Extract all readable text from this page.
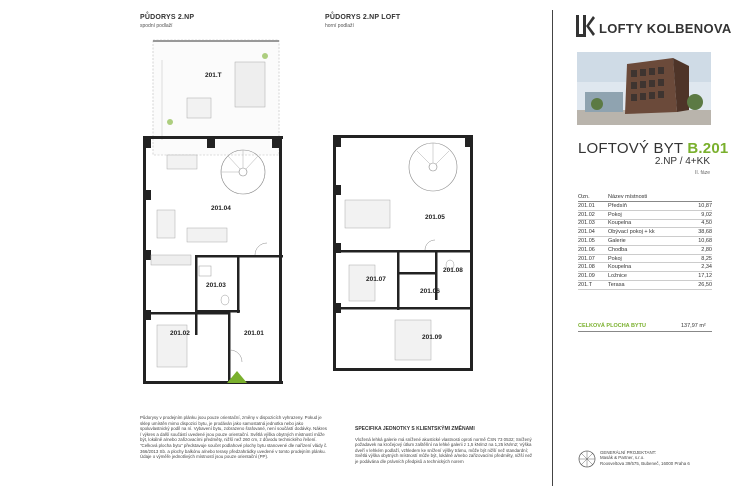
PŮDORYS 2.NP
spodní podlaží
201.T
201.04
201.03
201.02	201.01
PŮDORYS 2.NP LOFT
horní podlaží
201.05
201.07
201.08
201.06
201.09
Půdorysy v prodejním plánku jsou pouze orientační, změny v dispozicích vyhrazeny. Pokud je sklep umístěn mimo dispozici bytu, je prodáván jako samostatná jednotka nebo jako spoluvlastnický podíl na ní. Vybavení bytu, zobrazeno šrafované, není součástí dodávky. Nákres / výkres a další součástí uvedené jsou pouze orientační. Světlá výška obytných místností může být, lokálně a/nebo zařizovacími předměty, nižší než 260 cm, z důvodu technického řešení. "Celková plocha bytu" představuje součet podlahové plochy bytu stanovené dle nařízení vlády č. 366/2013 Sb. a plochy balkónu a/nebo terasy předzahrádky uvedené v tomto prodejním plánku. Údaje o výměře jednotlivých místností jsou pouze orientační (PP).
SPECIFIKA JEDNOTKY S KLIENTSKÝMI ZMĚNAMI
Vložená lehká galerie má snížené akustické vlastnosti oproti normě ČSN 73 0532; Snížený požadavek na kročejový útlum zaštěňní na lehké galerii z 1,5 kN/m2 na 1,25 kN/m2; Výška dveří v lehkém podlaží, vzhledem ke snížení výšky trámu, může být nižší než standardní; Světlá výška obytných místností může být, lokálně a/nebo zařizovacími předměty, nižší než je podávána dle právních předpisů a technických norem
LOFTY KOLBENOVA
LOFTOVÝ BYT B.201
2.NP / 4+KK
II. fáze
Ozn.	Název místnosti	
201.01	Předsíň	10,87
201.02	Pokoj	9,02
201.03	Koupelna	4,50
201.04	Obývací pokoj + kk	38,68
201.05	Galerie	10,68
201.06	Chodba	2,80
201.07	Pokoj	8,25
201.08	Koupelna	2,34
201.09	Ložnice	17,12
201.T	Terasa	26,50
CELKOVÁ PLOCHA BYTU	137,97 m²
GENERÁLNÍ PROJEKTANT:
Masák & Partner, s.r.o.
Roosveltova 39/575, Bubeneč, 16000 Praha 6
